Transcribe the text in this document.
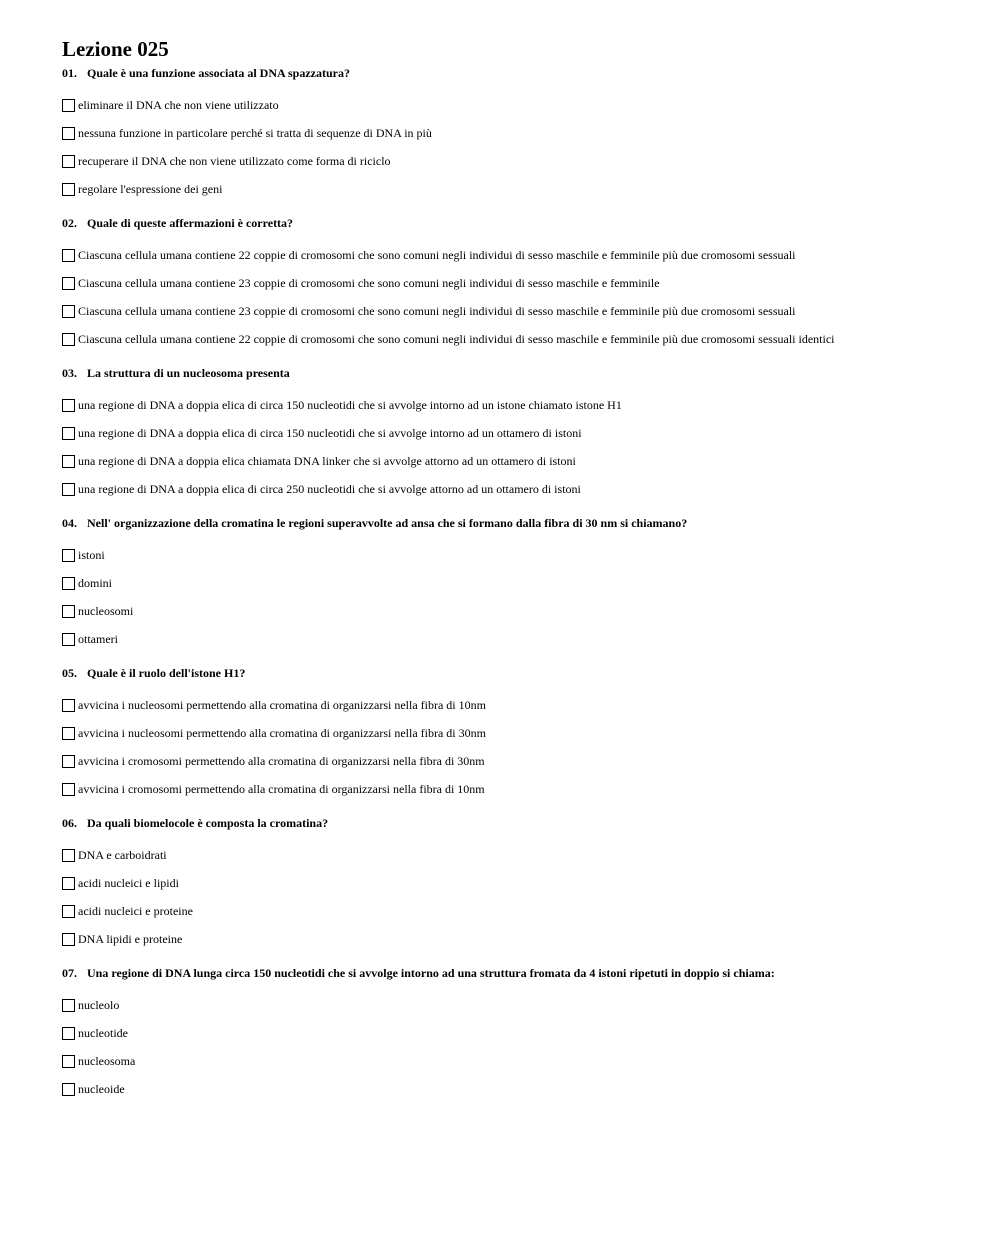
Lezione 025
01. Quale è una funzione associata al DNA spazzatura?
eliminare il DNA che non viene utilizzato
nessuna funzione in particolare perché si tratta di sequenze di DNA in più
recuperare il DNA che non viene utilizzato come forma di riciclo
regolare l'espressione dei geni
02. Quale di queste affermazioni è corretta?
Ciascuna cellula umana contiene 22 coppie di cromosomi che sono comuni negli individui di sesso maschile e femminile più due cromosomi sessuali
Ciascuna cellula umana contiene 23 coppie di cromosomi che sono comuni negli individui di sesso maschile e femminile
Ciascuna cellula umana contiene 23 coppie di cromosomi che sono comuni negli individui di sesso maschile e femminile più due cromosomi sessuali
Ciascuna cellula umana contiene 22 coppie di cromosomi che sono comuni negli individui di sesso maschile e femminile più due cromosomi sessuali identici
03. La struttura di un nucleosoma presenta
una regione di DNA a doppia elica di circa 150 nucleotidi che si avvolge intorno ad un istone chiamato istone H1
una regione di DNA a doppia elica di circa 150 nucleotidi che si avvolge intorno ad un ottamero di istoni
una regione di DNA a doppia elica chiamata DNA linker che si avvolge attorno ad un ottamero di istoni
una regione di DNA a doppia elica di circa 250 nucleotidi che si avvolge attorno ad un ottamero di istoni
04. Nell' organizzazione della cromatina le regioni superavvolte ad ansa che si formano dalla fibra di 30 nm si chiamano?
istoni
domini
nucleosomi
ottameri
05. Quale è il ruolo dell'istone H1?
avvicina i nucleosomi permettendo alla cromatina di organizzarsi nella fibra di 10nm
avvicina i nucleosomi permettendo alla cromatina di organizzarsi nella fibra di 30nm
avvicina i cromosomi permettendo alla cromatina di organizzarsi nella fibra di 30nm
avvicina i cromosomi permettendo alla cromatina di organizzarsi nella fibra di 10nm
06. Da quali biomelocole è composta la cromatina?
DNA e carboidrati
acidi nucleici e lipidi
acidi nucleici e proteine
DNA lipidi e proteine
07. Una regione di DNA lunga circa 150 nucleotidi che si avvolge intorno ad una struttura fromata da 4 istoni ripetuti in doppio si chiama:
nucleolo
nucleotide
nucleosoma
nucleoide
